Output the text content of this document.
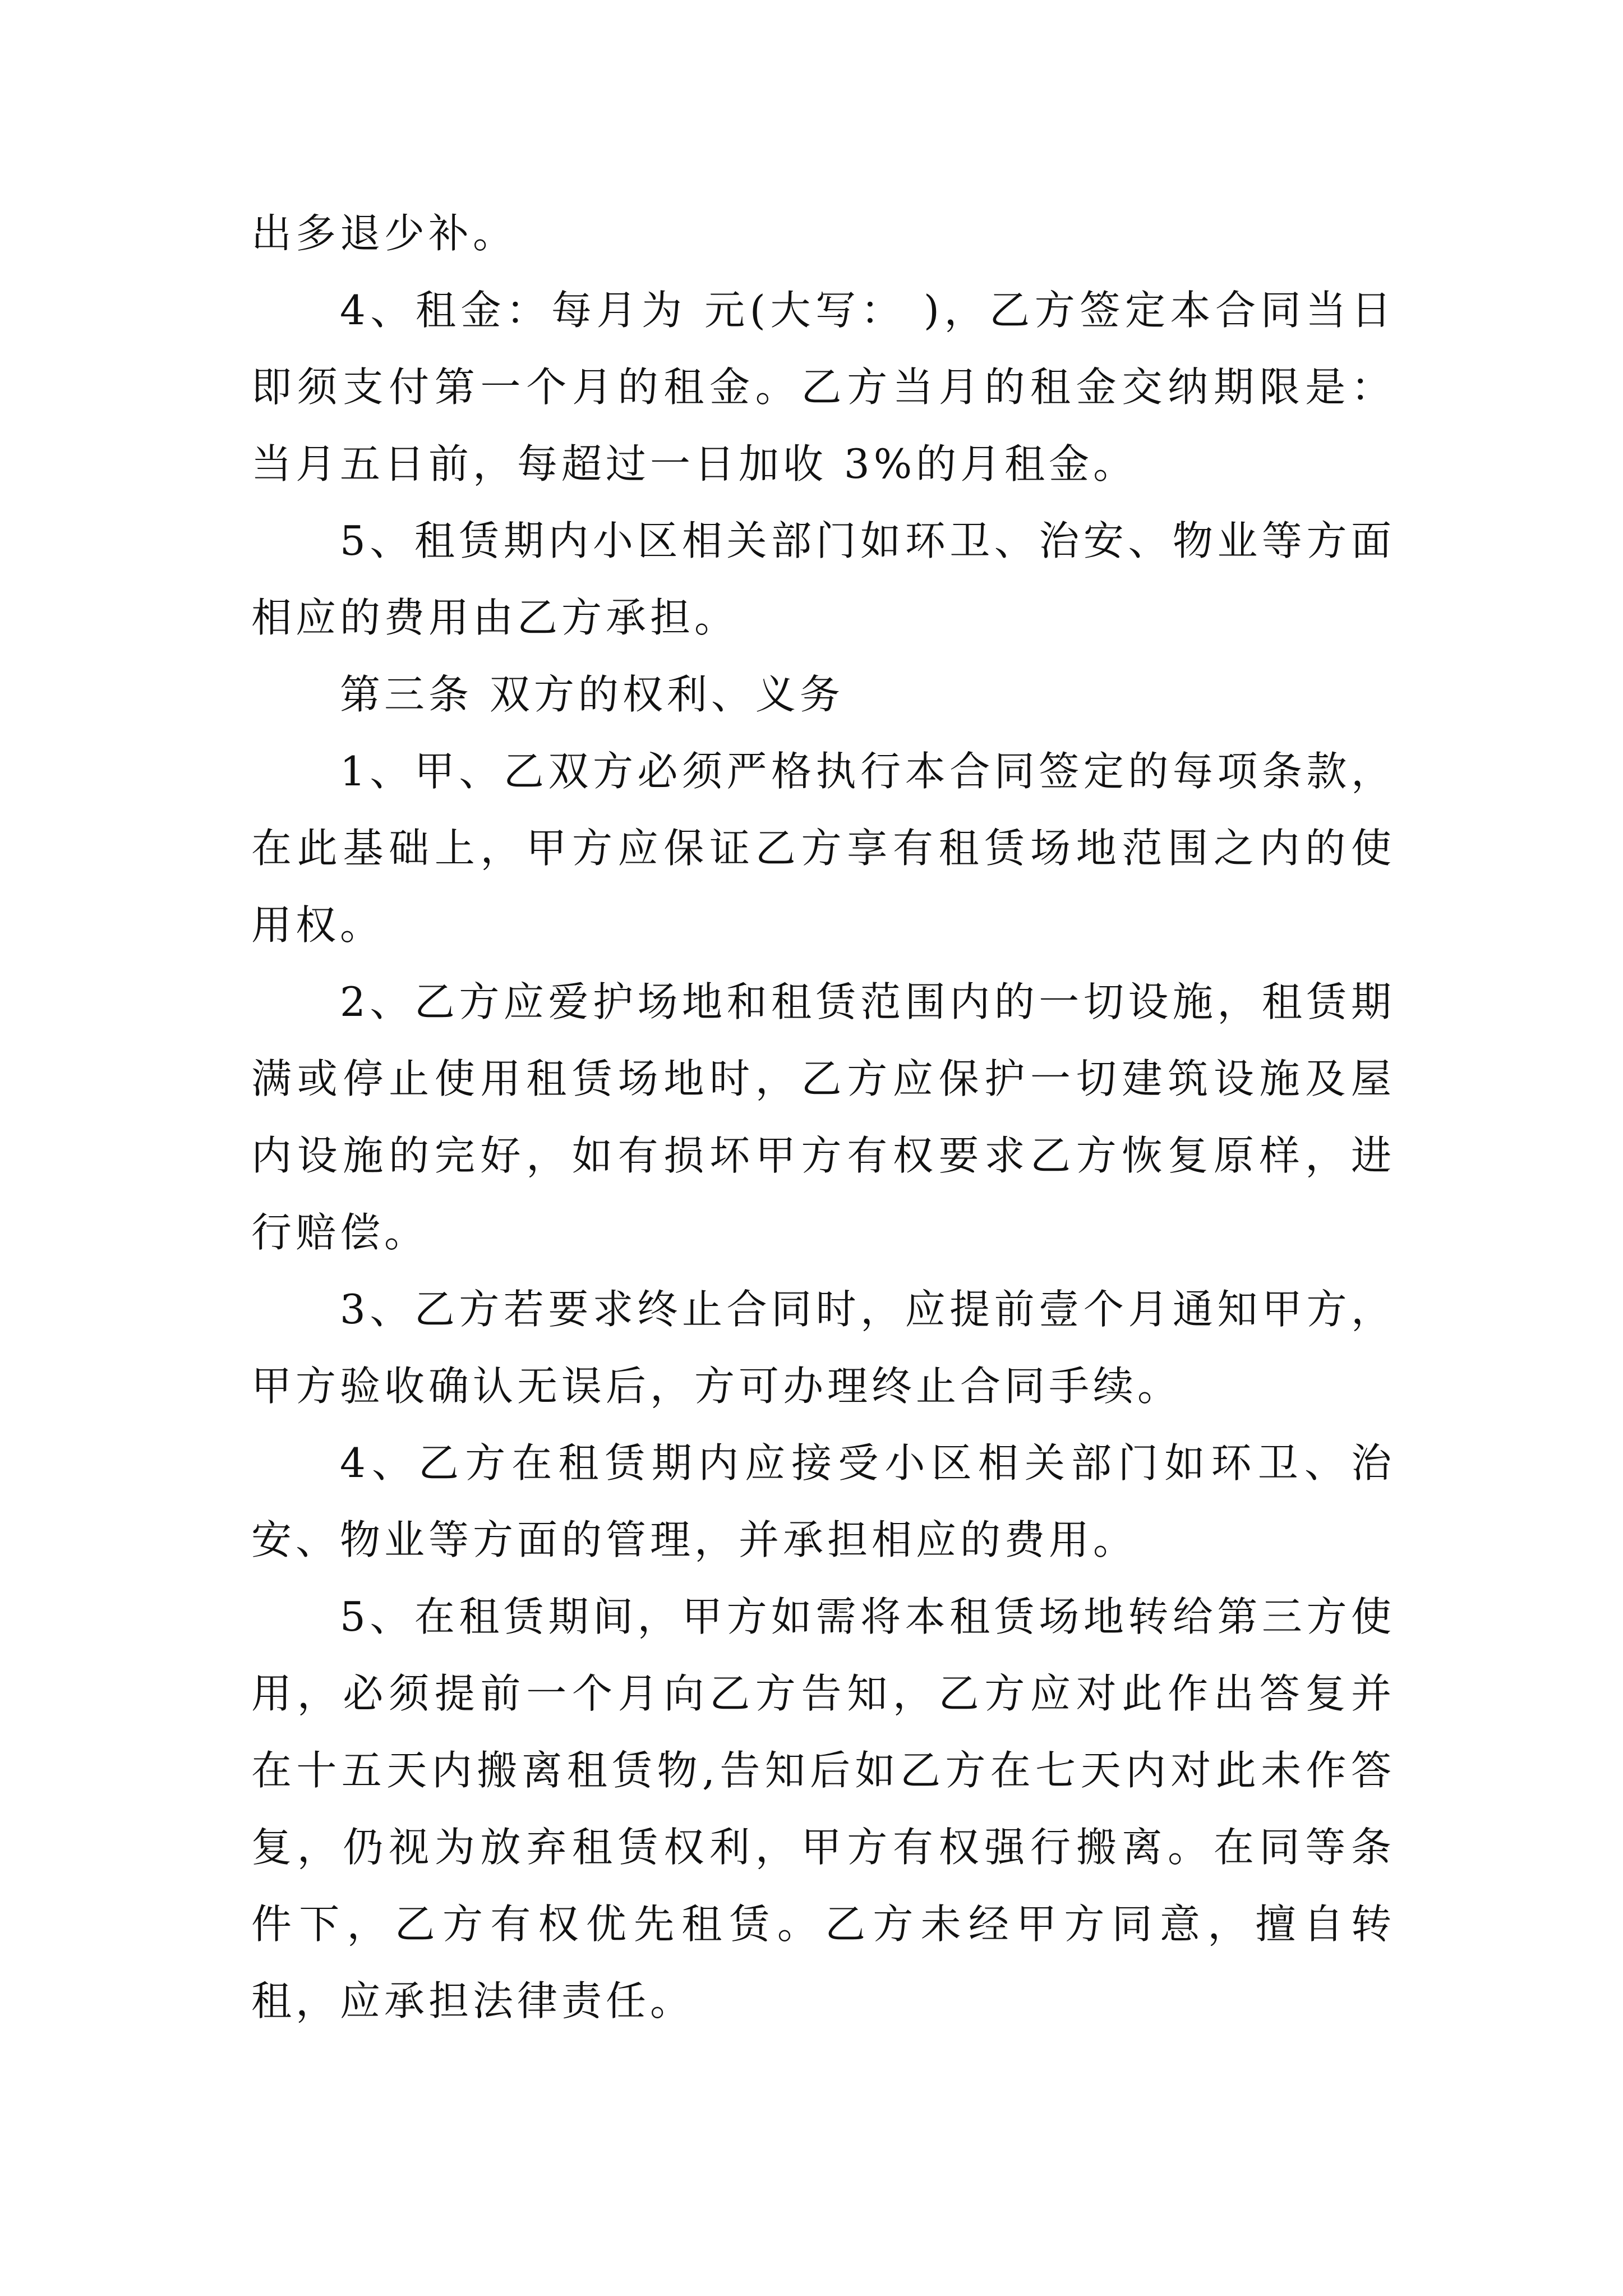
出多退少补。

4、租金：每月为 元(大写： )，乙方签定本合同当日即须支付第一个月的租金。乙方当月的租金交纳期限是：当月五日前，每超过一日加收 3%的月租金。

5、租赁期内小区相关部门如环卫、治安、物业等方面相应的费用由乙方承担。

第三条 双方的权利、义务

1、甲、乙双方必须严格执行本合同签定的每项条款，在此基础上，甲方应保证乙方享有租赁场地范围之内的使用权。

2、乙方应爱护场地和租赁范围内的一切设施，租赁期满或停止使用租赁场地时，乙方应保护一切建筑设施及屋内设施的完好，如有损坏甲方有权要求乙方恢复原样，进行赔偿。

3、乙方若要求终止合同时，应提前壹个月通知甲方，甲方验收确认无误后，方可办理终止合同手续。

4、乙方在租赁期内应接受小区相关部门如环卫、治安、物业等方面的管理，并承担相应的费用。

5、在租赁期间，甲方如需将本租赁场地转给第三方使用，必须提前一个月向乙方告知，乙方应对此作出答复并在十五天内搬离租赁物,告知后如乙方在七天内对此未作答复，仍视为放弃租赁权利，甲方有权强行搬离。在同等条件下，乙方有权优先租赁。乙方未经甲方同意，擅自转租，应承担法律责任。
